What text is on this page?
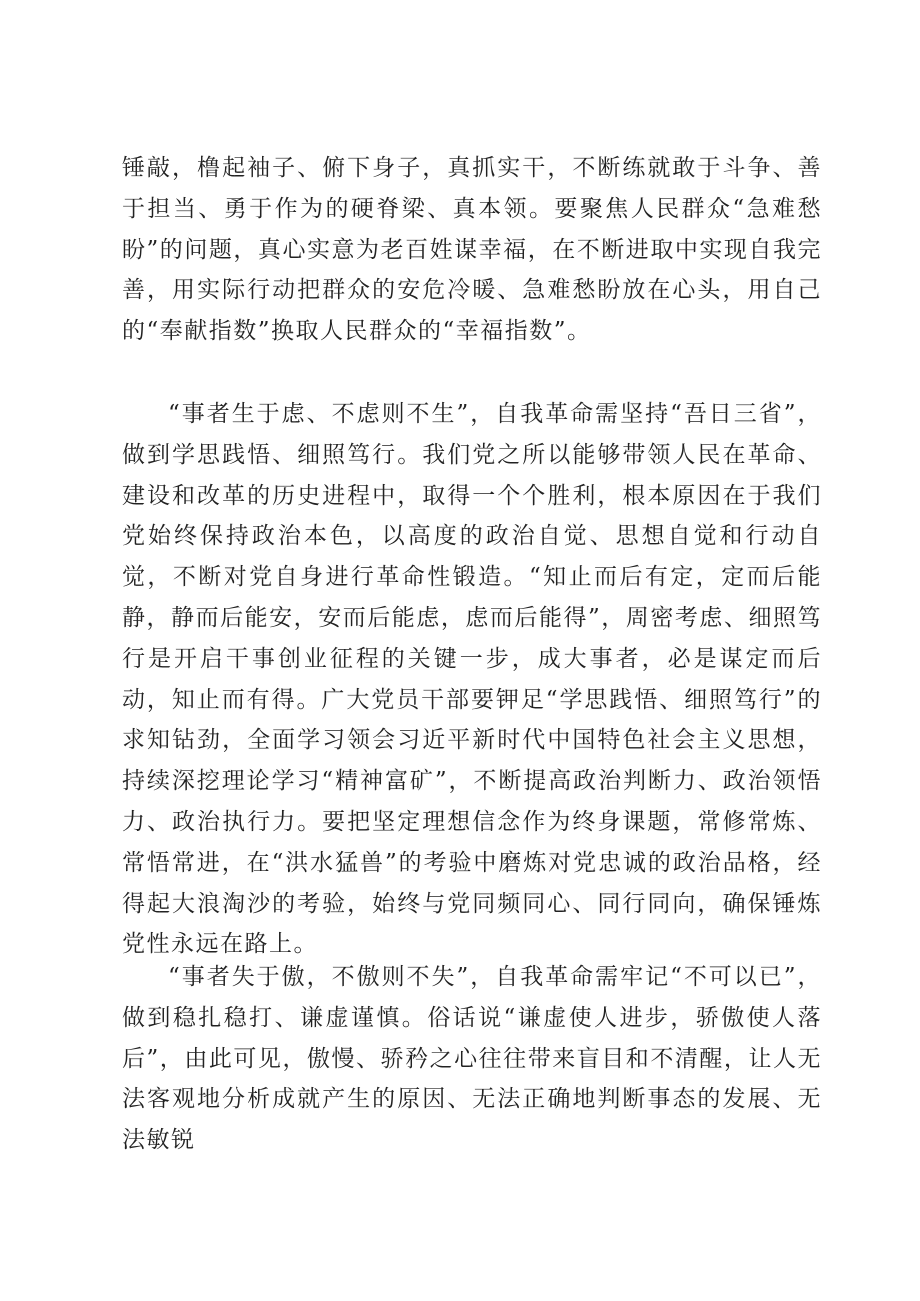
锤敲，橹起袖子、俯下身子，真抓实干，不断练就敢于斗争、善于担当、勇于作为的硬脊梁、真本领。要聚焦人民群众“急难愁盼”的问题，真心实意为老百姓谋幸福，在不断进取中实现自我完善，用实际行动把群众的安危冷暖、急难愁盼放在心头，用自己的“奉献指数”换取人民群众的“幸福指数”。

“事者生于虑、不虑则不生”，自我革命需坚持“吾日三省”，做到学思践悟、细照笃行。我们党之所以能够带领人民在革命、建设和改革的历史进程中，取得一个个胜利，根本原因在于我们党始终保持政治本色，以高度的政治自觉、思想自觉和行动自觉，不断对党自身进行革命性锻造。“知止而后有定，定而后能静，静而后能安，安而后能虑，虑而后能得”，周密考虑、细照笃行是开启干事创业征程的关键一步，成大事者，必是谋定而后动，知止而有得。广大党员干部要钾足“学思践悟、细照笃行”的求知钻劲，全面学习领会习近平新时代中国特色社会主义思想，持续深挖理论学习“精神富矿”，不断提高政治判断力、政治领悟力、政治执行力。要把坚定理想信念作为终身课题，常修常炼、常悟常进，在“洪水猛兽”的考验中磨炼对党忠诚的政治品格，经得起大浪淘沙的考验，始终与党同频同心、同行同向，确保锤炼党性永远在路上。

“事者失于傲，不傲则不失”，自我革命需牢记“不可以已”，做到稳扎稳打、谦虚谨慎。俗话说“谦虚使人进步，骄傲使人落后”，由此可见，傲慢、骄矜之心往往带来盲目和不清醒，让人无法客观地分析成就产生的原因、无法正确地判断事态的发展、无法敏锐
